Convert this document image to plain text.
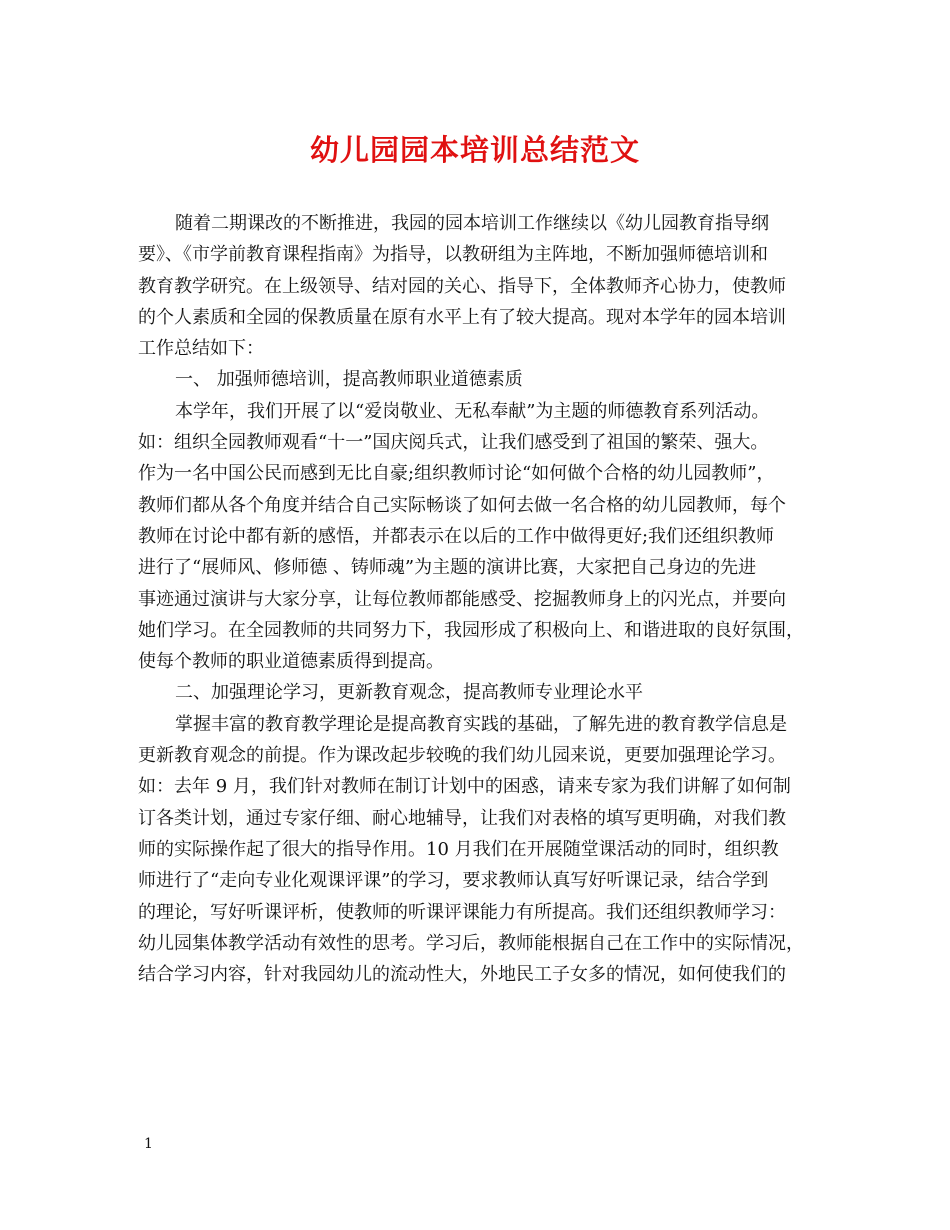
幼儿园园本培训总结范文
随着二期课改的不断推进，我园的园本培训工作继续以《幼儿园教育指导纲
要》、《市学前教育课程指南》为指导，以教研组为主阵地，不断加强师德培训和
教育教学研究。在上级领导、结对园的关心、指导下，全体教师齐心协力，使教师
的个人素质和全园的保教质量在原有水平上有了较大提高。现对本学年的园本培训
工作总结如下：
一、 加强师德培训，提高教师职业道德素质
本学年，我们开展了以“爱岗敬业、无私奉献”为主题的师德教育系列活动。
如：组织全园教师观看“十一”国庆阅兵式，让我们感受到了祖国的繁荣、强大。
作为一名中国公民而感到无比自豪;组织教师讨论“如何做个合格的幼儿园教师”，
教师们都从各个角度并结合自己实际畅谈了如何去做一名合格的幼儿园教师，每个
教师在讨论中都有新的感悟，并都表示在以后的工作中做得更好;我们还组织教师
进行了“展师风、修师德 、铸师魂”为主题的演讲比赛，大家把自己身边的先进
事迹通过演讲与大家分享，让每位教师都能感受、挖掘教师身上的闪光点，并要向
她们学习。在全园教师的共同努力下，我园形成了积极向上、和谐进取的良好氛围，
使每个教师的职业道德素质得到提高。
二、加强理论学习，更新教育观念，提高教师专业理论水平
掌握丰富的教育教学理论是提高教育实践的基础，了解先进的教育教学信息是
更新教育观念的前提。作为课改起步较晚的我们幼儿园来说，更要加强理论学习。
如：去年 9 月，我们针对教师在制订计划中的困惑，请来专家为我们讲解了如何制
订各类计划，通过专家仔细、耐心地辅导，让我们对表格的填写更明确，对我们教
师的实际操作起了很大的指导作用。10 月我们在开展随堂课活动的同时，组织教
师进行了“走向专业化观课评课”的学习，要求教师认真写好听课记录，结合学到
的理论，写好听课评析，使教师的听课评课能力有所提高。我们还组织教师学习：
幼儿园集体教学活动有效性的思考。学习后，教师能根据自己在工作中的实际情况，
结合学习内容，针对我园幼儿的流动性大，外地民工子女多的情况，如何使我们的
1
